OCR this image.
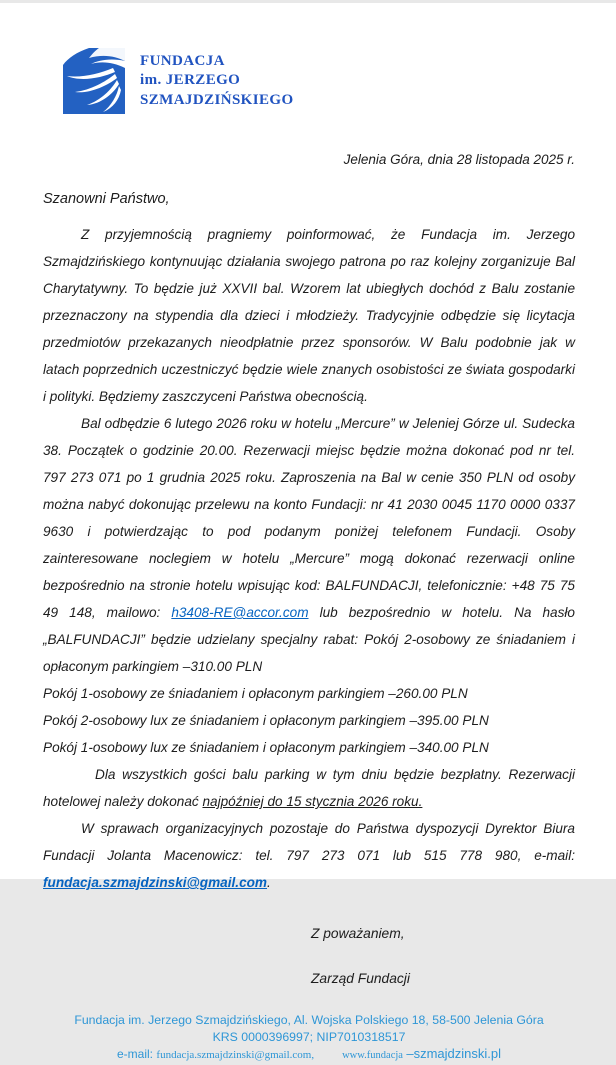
FUNDACJA
im. JERZEGO
SZMAJDZIŃSKIEGO
Jelenia Góra, dnia 28 listopada 2025 r.
Szanowni Państwo,

Z przyjemnością pragniemy poinformować, że Fundacja im. Jerzego Szmajdzińskiego kontynuując działania swojego patrona po raz kolejny zorganizuje Bal Charytatywny. To będzie już XXVII bal. Wzorem lat ubiegłych dochód z Balu zostanie przeznaczony na stypendia dla dzieci i młodzieży. Tradycyjnie odbędzie się licytacja przedmiotów przekazanych nieodpłatnie przez sponsorów. W Balu podobnie jak w latach poprzednich uczestniczyć będzie wiele znanych osobistości ze świata gospodarki i polityki. Będziemy zaszczyceni Państwa obecnością.

Bal odbędzie 6 lutego 2026 roku w hotelu „Mercure” w Jeleniej Górze ul. Sudecka 38. Początek o godzinie 20.00. Rezerwacji miejsc będzie można dokonać pod nr tel. 797 273 071 po 1 grudnia 2025 roku. Zaproszenia na Bal w cenie 350 PLN od osoby można nabyć dokonując przelewu na konto Fundacji: nr 41 2030 0045 1170 0000 0337 9630 i potwierdzając to pod podanym poniżej telefonem Fundacji. Osoby zainteresowane noclegiem w hotelu „Mercure” mogą dokonać rezerwacji online bezpośrednio na stronie hotelu wpisując kod: BALFUNDACJI, telefonicznie: +48 75 75 49 148, mailowo: h3408-RE@accor.com lub bezpośrednio w hotelu. Na hasło „BALFUNDACJI” będzie udzielany specjalny rabat: Pokój 2-osobowy ze śniadaniem i opłaconym parkingiem –310.00 PLN

Pokój 1-osobowy ze śniadaniem i opłaconym parkingiem –260.00 PLN

Pokój 2-osobowy lux ze śniadaniem i opłaconym parkingiem –395.00 PLN

Pokój 1-osobowy lux ze śniadaniem i opłaconym parkingiem –340.00 PLN

Dla wszystkich gości balu parking w tym dniu będzie bezpłatny. Rezerwacji hotelowej należy dokonać najpóźniej do 15 stycznia 2026 roku.

W sprawach organizacyjnych pozostaje do Państwa dyspozycji Dyrektor Biura Fundacji Jolanta Macenowicz: tel. 797 273 071 lub 515 778 980, e-mail: fundacja.szmajdzinski@gmail.com.

Z poważaniem,
Zarząd Fundacji
Fundacja im. Jerzego Szmajdzińskiego, Al. Wojska Polskiego 18, 58-500 Jelenia Góra
KRS 0000396997; NIP7010318517
e-mail: fundacja.szmajdzinski@gmail.com,	www.fundacja –szmajdzinski.pl
